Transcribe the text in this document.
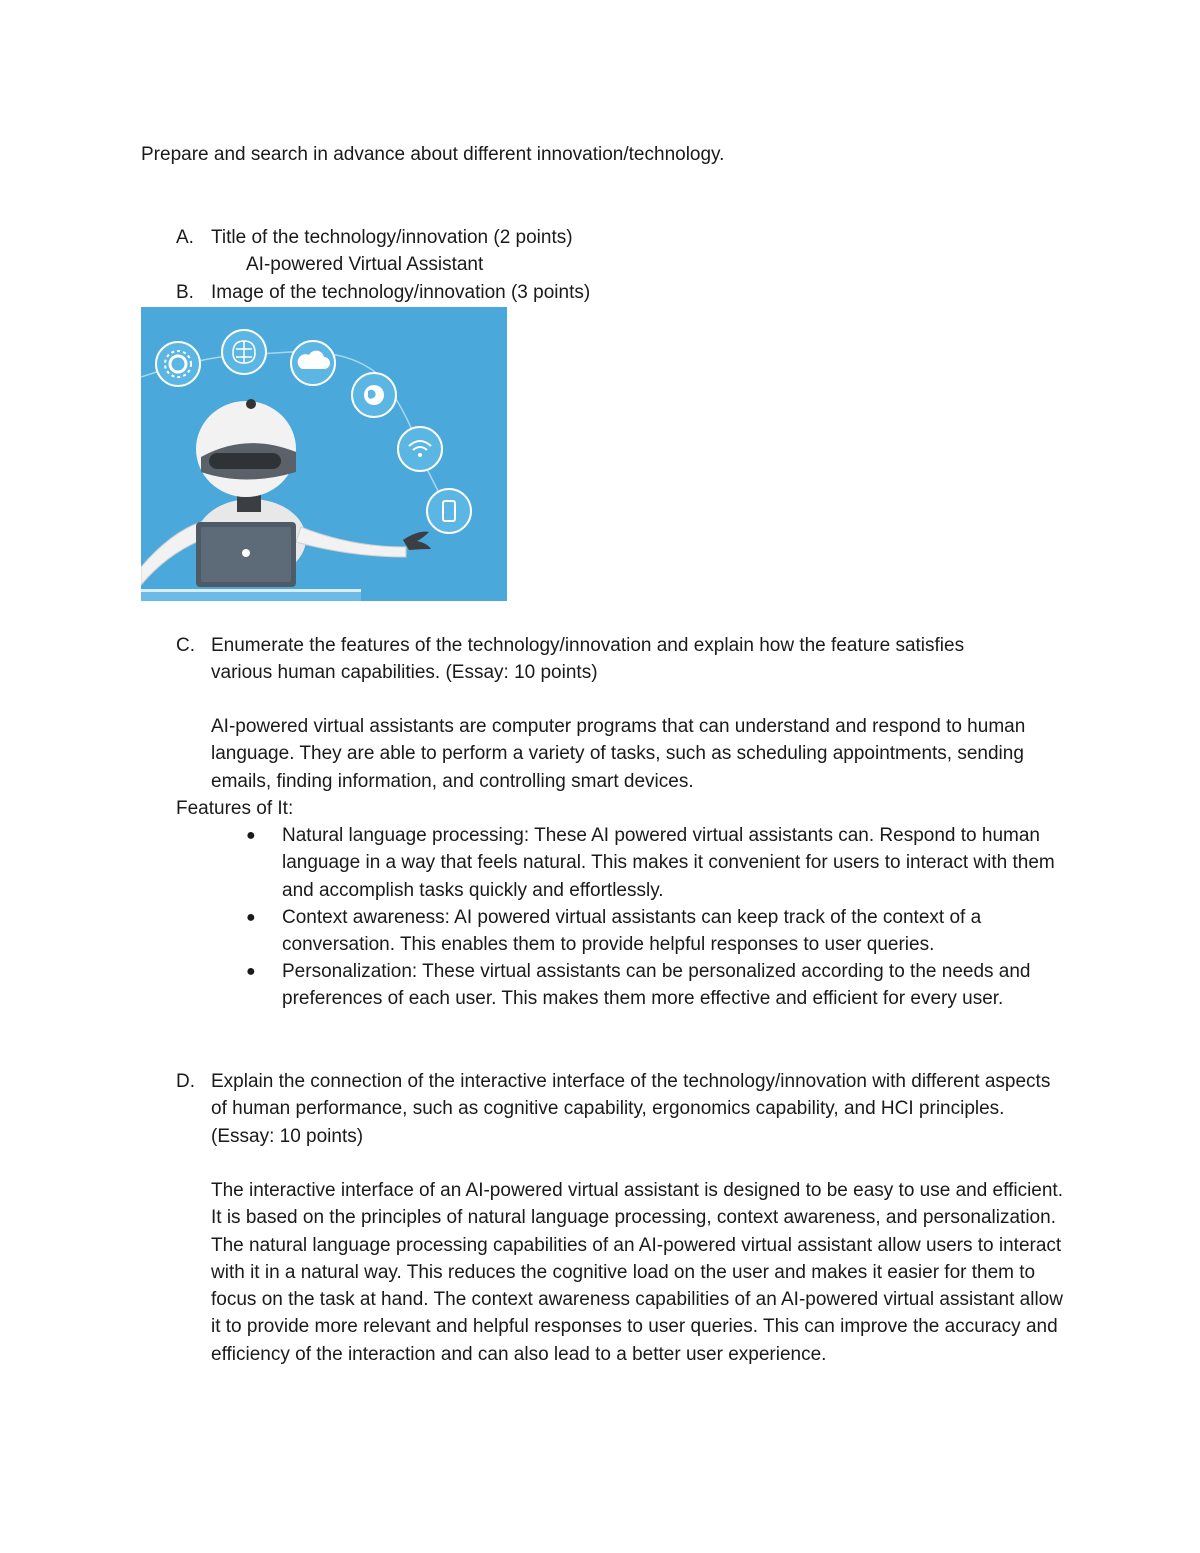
Prepare and search in advance about different innovation/technology.
A. Title of the technology/innovation (2 points)
AI-powered Virtual Assistant
B. Image of the technology/innovation (3 points)
C. Enumerate the features of the technology/innovation and explain how the feature satisfies
various human capabilities. (Essay: 10 points)
AI-powered virtual assistants are computer programs that can understand and respond to human language. They are able to perform a variety of tasks, such as scheduling appointments, sending emails, finding information, and controlling smart devices.
Features of It:
● Natural language processing: These AI powered virtual assistants can. Respond to human language in a way that feels natural. This makes it convenient for users to interact with them and accomplish tasks quickly and effortlessly.
● Context awareness: AI powered virtual assistants can keep track of the context of a conversation. This enables them to provide helpful responses to user queries.
● Personalization: These virtual assistants can be personalized according to the needs and preferences of each user. This makes them more effective and efficient for every user.
D. Explain the connection of the interactive interface of the technology/innovation with different aspects of human performance, such as cognitive capability, ergonomics capability, and HCI principles. (Essay: 10 points)
The interactive interface of an AI-powered virtual assistant is designed to be easy to use and efficient. It is based on the principles of natural language processing, context awareness, and personalization. The natural language processing capabilities of an AI-powered virtual assistant allow users to interact with it in a natural way. This reduces the cognitive load on the user and makes it easier for them to focus on the task at hand. The context awareness capabilities of an AI-powered virtual assistant allow it to provide more relevant and helpful responses to user queries. This can improve the accuracy and efficiency of the interaction and can also lead to a better user experience.
